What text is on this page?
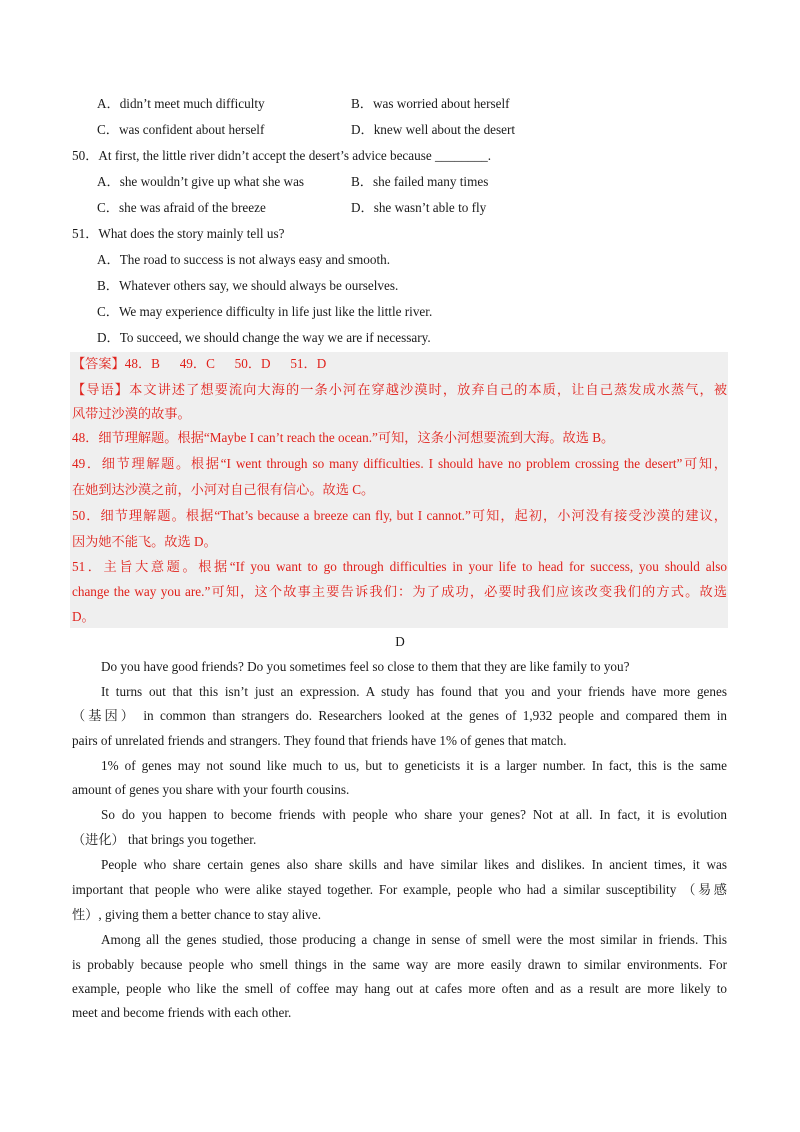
A．didn’t meet much difficulty	B．was worried about herself
C．was confident about herself	D．knew well about the desert
50．At first, the little river didn’t accept the desert’s advice because ________.
A．she wouldn’t give up what she was	B．she failed many times
C．she was afraid of the breeze	D．she wasn’t able to fly
51．What does the story mainly tell us?
A．The road to success is not always easy and smooth.
B．Whatever others say, we should always be ourselves.
C．We may experience difficulty in life just like the little river.
D．To succeed, we should change the way we are if necessary.
【答案】48．B      49．C      50．D      51．D
【导语】本文讲述了想要流向大海的一条小河在穿越沙漠时，放弃自己的本质，让自己蒸发成水蒸气，被
风带过沙漠的故事。
48．细节理解题。根据“Maybe I can’t reach the ocean.”可知，这条小河想要流到大海。故选 B。
49．细节理解题。根据“I went through so many difficulties. I should have no problem crossing the desert”可知，
在她到达沙漠之前，小河对自己很有信心。故选 C。
50．细节理解题。根据“That’s because a breeze can fly, but I cannot.”可知，起初，小河没有接受沙漠的建议，
因为她不能飞。故选 D。
51．主旨大意题。根据“If you want to go through difficulties in your life to head for success, you should also
change the way you are.”可知，这个故事主要告诉我们：为了成功，必要时我们应该改变我们的方式。故选
D。
D
Do you have good friends? Do you sometimes feel so close to them that they are like family to you?
It turns out that this isn’t just an expression. A study has found that you and your friends have more genes
（基因） in common than strangers do. Researchers looked at the genes of 1,932 people and compared them in
pairs of unrelated friends and strangers. They found that friends have 1% of genes that match.
1% of genes may not sound like much to us, but to geneticists it is a larger number. In fact, this is the same
amount of genes you share with your fourth cousins.
So do you happen to become friends with people who share your genes? Not at all. In fact, it is evolution
（进化） that brings you together.
People who share certain genes also share skills and have similar likes and dislikes. In ancient times, it was
important that people who were alike stayed together. For example, people who had a similar susceptibility （易感
性）, giving them a better chance to stay alive.
Among all the genes studied, those producing a change in sense of smell were the most similar in friends. This
is probably because people who smell things in the same way are more easily drawn to similar environments. For
example, people who like the smell of coffee may hang out at cafes more often and as a result are more likely to
meet and become friends with each other.
